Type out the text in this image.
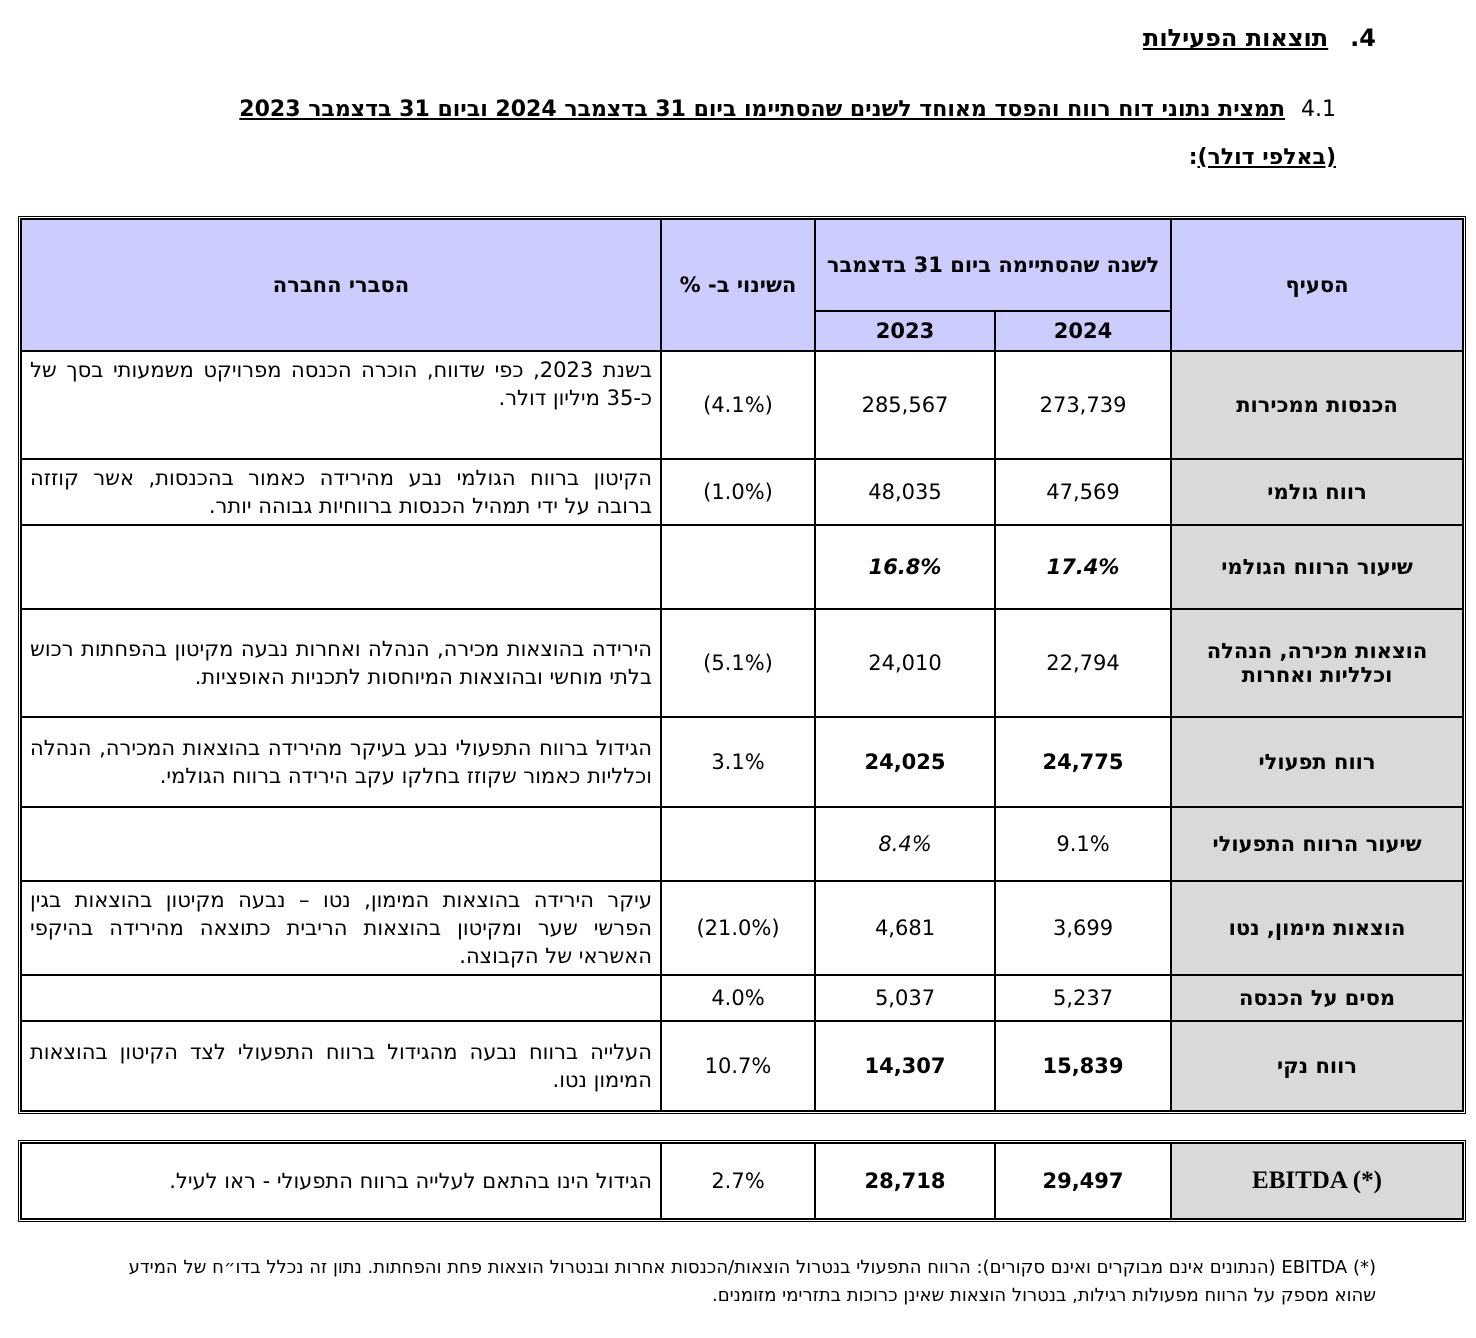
4.תוצאות הפעילות
4.1תמצית נתוני דוח רווח והפסד מאוחד לשנים שהסתיימו ביום 31 בדצמבר 2024 וביום 31 בדצמבר 2023
(באלפי דולר):
הסעיף	לשנה שהסתיימה ביום 31 בדצמבר		השינוי ב- %	הסברי החברה
	2024	2023		
הכנסות ממכירות	273,739	285,567	(4.1%)	בשנת 2023, כפי שדווח, הוכרה הכנסה מפרויקט משמעותי בסך של כ-35 מיליון דולר.
רווח גולמי	47,569	48,035	(1.0%)	הקיטון ברווח הגולמי נבע מהירידה כאמור בהכנסות, אשר קוזזה ברובה על ידי תמהיל הכנסות ברווחיות גבוהה יותר.
שיעור הרווח הגולמי	17.4%	16.8%		
הוצאות מכירה, הנהלה וכלליות ואחרות	22,794	24,010	(5.1%)	הירידה בהוצאות מכירה, הנהלה ואחרות נבעה מקיטון בהפחתות רכוש בלתי מוחשי ובהוצאות המיוחסות לתכניות האופציות.
רווח תפעולי	24,775	24,025	3.1%	הגידול ברווח התפעולי נבע בעיקר מהירידה בהוצאות המכירה, הנהלה וכלליות כאמור שקוזז בחלקו עקב הירידה ברווח הגולמי.
שיעור הרווח התפעולי	9.1%	8.4%		
הוצאות מימון, נטו	3,699	4,681	(21.0%)	עיקר הירידה בהוצאות המימון, נטו – נבעה מקיטון בהוצאות בגין הפרשי שער ומקיטון בהוצאות הריבית כתוצאה מהירידה בהיקפי האשראי של הקבוצה.
מסים על הכנסה	5,237	5,037	4.0%	
רווח נקי	15,839	14,307	10.7%	העלייה ברווח נבעה מהגידול ברווח התפעולי לצד הקיטון בהוצאות המימון נטו.
EBITDA (*)	29,497	28,718	2.7%	הגידול הינו בהתאם לעלייה ברווח התפעולי - ראו לעיל.
(*) EBITDA (הנתונים אינם מבוקרים ואינם סקורים): הרווח התפעולי בנטרול הוצאות/הכנסות אחרות ובנטרול הוצאות פחת והפחתות. נתון זה נכלל בדו״ח של המידע שהוא מספק על הרווח מפעולות רגילות, בנטרול הוצאות שאינן כרוכות בתזרימי מזומנים.
